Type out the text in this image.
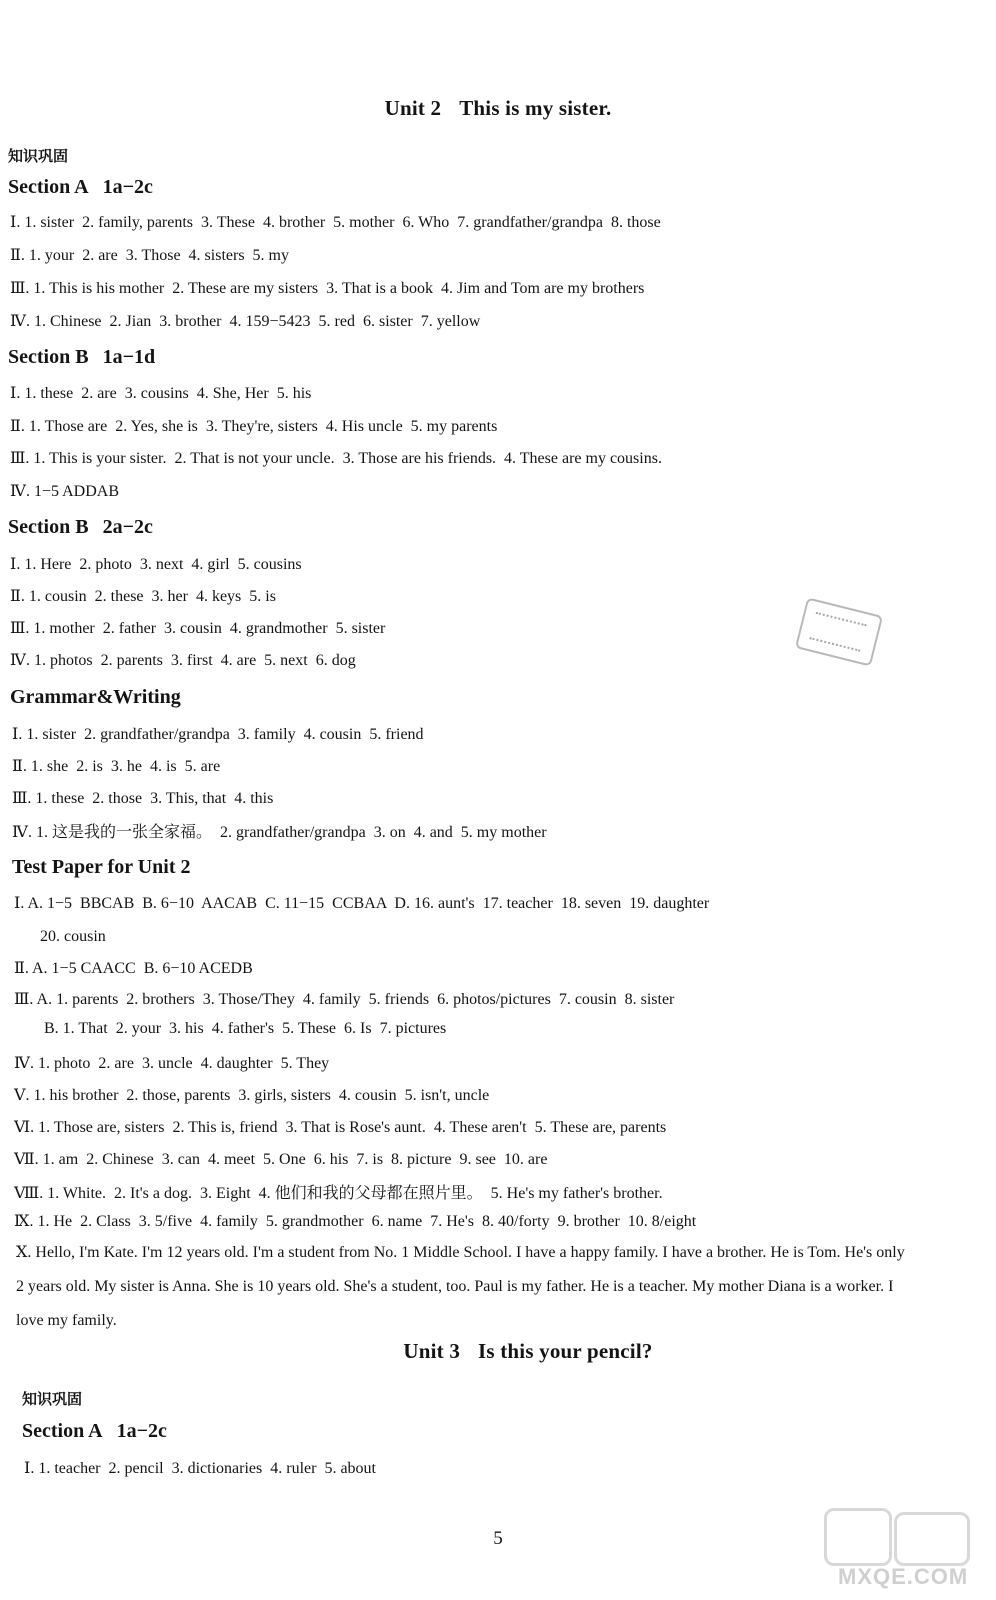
Unit 2 This is my sister.
知识巩固
Section A 1a−2c
Ⅰ. 1. sister  2. family, parents  3. These  4. brother  5. mother  6. Who  7. grandfather/grandpa  8. those
Ⅱ. 1. your  2. are  3. Those  4. sisters  5. my
Ⅲ. 1. This is his mother  2. These are my sisters  3. That is a book  4. Jim and Tom are my brothers
Ⅳ. 1. Chinese  2. Jian  3. brother  4. 159−5423  5. red  6. sister  7. yellow
Section B 1a−1d
Ⅰ. 1. these  2. are  3. cousins  4. She, Her  5. his
Ⅱ. 1. Those are  2. Yes, she is  3. They're, sisters  4. His uncle  5. my parents
Ⅲ. 1. This is your sister.  2. That is not your uncle.  3. Those are his friends.  4. These are my cousins.
Ⅳ. 1−5 ADDAB
Section B 2a−2c
Ⅰ. 1. Here  2. photo  3. next  4. girl  5. cousins
Ⅱ. 1. cousin  2. these  3. her  4. keys  5. is
Ⅲ. 1. mother  2. father  3. cousin  4. grandmother  5. sister
Ⅳ. 1. photos  2. parents  3. first  4. are  5. next  6. dog
Grammar&Writing
Ⅰ. 1. sister  2. grandfather/grandpa  3. family  4. cousin  5. friend
Ⅱ. 1. she  2. is  3. he  4. is  5. are
Ⅲ. 1. these  2. those  3. This, that  4. this
Ⅳ. 1. 这是我的一张全家福。  2. grandfather/grandpa  3. on  4. and  5. my mother
Test Paper for Unit 2
Ⅰ. A. 1−5  BBCAB  B. 6−10  AACAB  C. 11−15  CCBAA  D. 16. aunt's  17. teacher  18. seven  19. daughter
20. cousin
Ⅱ. A. 1−5 CAACC  B. 6−10 ACEDB
Ⅲ. A. 1. parents  2. brothers  3. Those/They  4. family  5. friends  6. photos/pictures  7. cousin  8. sister
B. 1. That  2. your  3. his  4. father's  5. These  6. Is  7. pictures
Ⅳ. 1. photo  2. are  3. uncle  4. daughter  5. They
Ⅴ. 1. his brother  2. those, parents  3. girls, sisters  4. cousin  5. isn't, uncle
Ⅵ. 1. Those are, sisters  2. This is, friend  3. That is Rose's aunt.  4. These aren't  5. These are, parents
Ⅶ. 1. am  2. Chinese  3. can  4. meet  5. One  6. his  7. is  8. picture  9. see  10. are
Ⅷ. 1. White.  2. It's a dog.  3. Eight  4. 他们和我的父母都在照片里。  5. He's my father's brother.
Ⅸ. 1. He  2. Class  3. 5/five  4. family  5. grandmother  6. name  7. He's  8. 40/forty  9. brother  10. 8/eight
Ⅹ. Hello, I'm Kate. I'm 12 years old. I'm a student from No. 1 Middle School. I have a happy family. I have a brother. He is Tom. He's only 2 years old. My sister is Anna. She is 10 years old. She's a student, too. Paul is my father. He is a teacher. My mother Diana is a worker. I love my family.
Unit 3 Is this your pencil?
知识巩固
Section A 1a−2c
Ⅰ. 1. teacher  2. pencil  3. dictionaries  4. ruler  5. about
5
MXQE.COM
